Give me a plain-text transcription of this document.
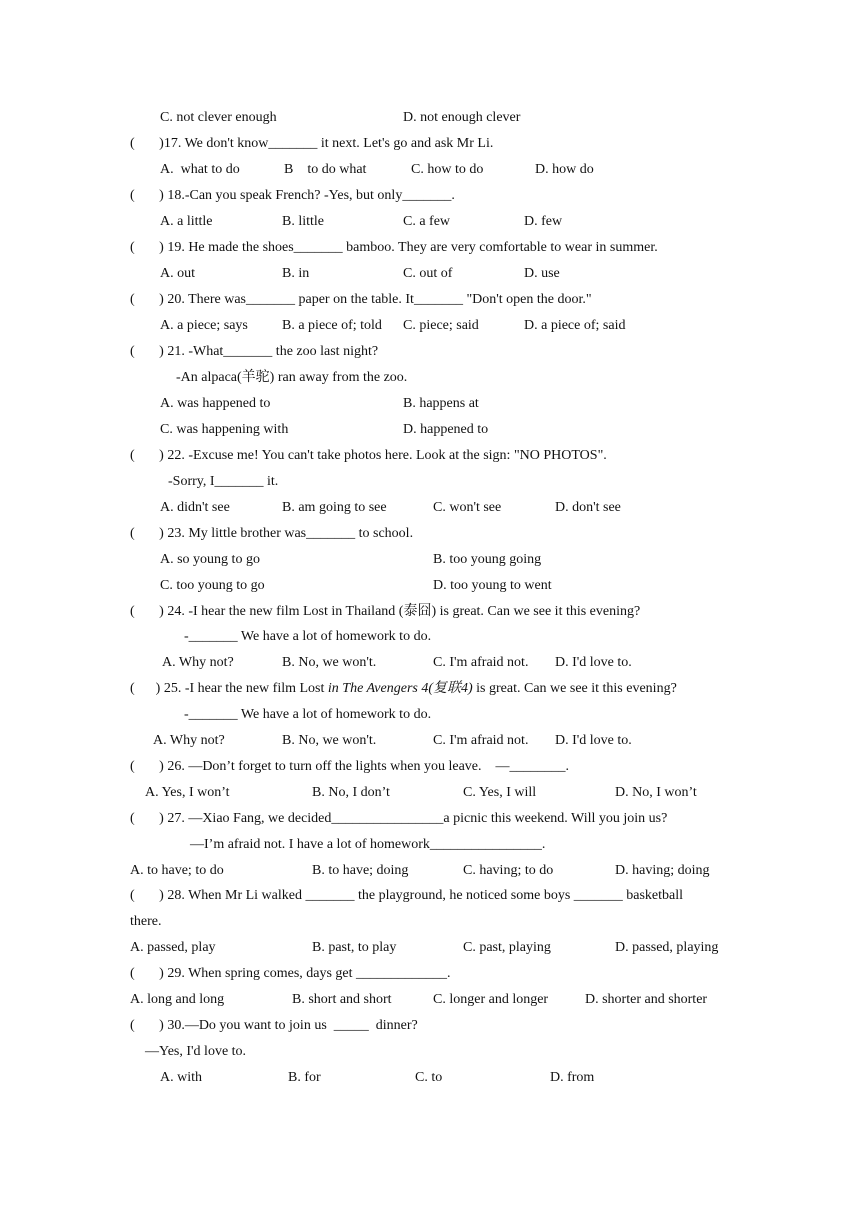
C. not clever enough	D. not enough clever
(       )17. We don't know_______ it next. Let's go and ask Mr Li.
A.  what to do	B    to do what	C. how to do	D. how do
(       ) 18.-Can you speak French? -Yes, but only_______.
A. a little	B. little	C. a few	D. few
(       ) 19. He made the shoes_______ bamboo. They are very comfortable to wear in summer.
A. out	B. in	C. out of	D. use
(       ) 20. There was_______ paper on the table. It_______ "Don't open the door."
A. a piece; says B. a piece of; told C. piece; said	D. a piece of; said
(       ) 21. -What_______ the zoo last night?
-An alpaca(羊驼) ran away from the zoo.
A. was happened to	B. happens at
C. was happening with	D. happened to
(       ) 22. -Excuse me! You can't take photos here. Look at the sign: "NO PHOTOS".
-Sorry, I_______ it.
A. didn't see	B. am going to see	C. won't see	D. don't see
(       ) 23. My little brother was_______ to school.
A. so young to go	B. too young going
C. too young to go	D. too young to went
(       ) 24. -I hear the new film Lost in Thailand (泰囧) is great. Can we see it this evening?
-_______ We have a lot of homework to do.
A. Why not?	B. No, we won't.	C. I'm afraid not. D. I'd love to.
(      ) 25. -I hear the new film Lost in The Avengers 4(复联4) is great. Can we see it this evening?
-_______ We have a lot of homework to do.
A. Why not?	B. No, we won't.	C. I'm afraid not. D. I'd love to.
(       ) 26. —Don’t forget to turn off the lights when you leave.    —________.
A. Yes, I won’t	B. No, I don’t	C. Yes, I will	D. No, I won’t
(       ) 27. —Xiao Fang, we decided________________a picnic this weekend. Will you join us?
—I’m afraid not. I have a lot of homework________________.
A. to have; to do	B. to have; doing	C. having; to do	D. having; doing
(       ) 28. When Mr Li walked _______ the playground, he noticed some boys _______ basketball
there.
A. passed, play	B. past, to play	C. past, playing	D. passed, playing
(       ) 29. When spring comes, days get _____________.
A. long and long	B. short and short	C. longer and longer	D. shorter and shorter
(       ) 30.—Do you want to join us  _____  dinner?
—Yes, I'd love to.
A. with	B. for	C. to	D. from
